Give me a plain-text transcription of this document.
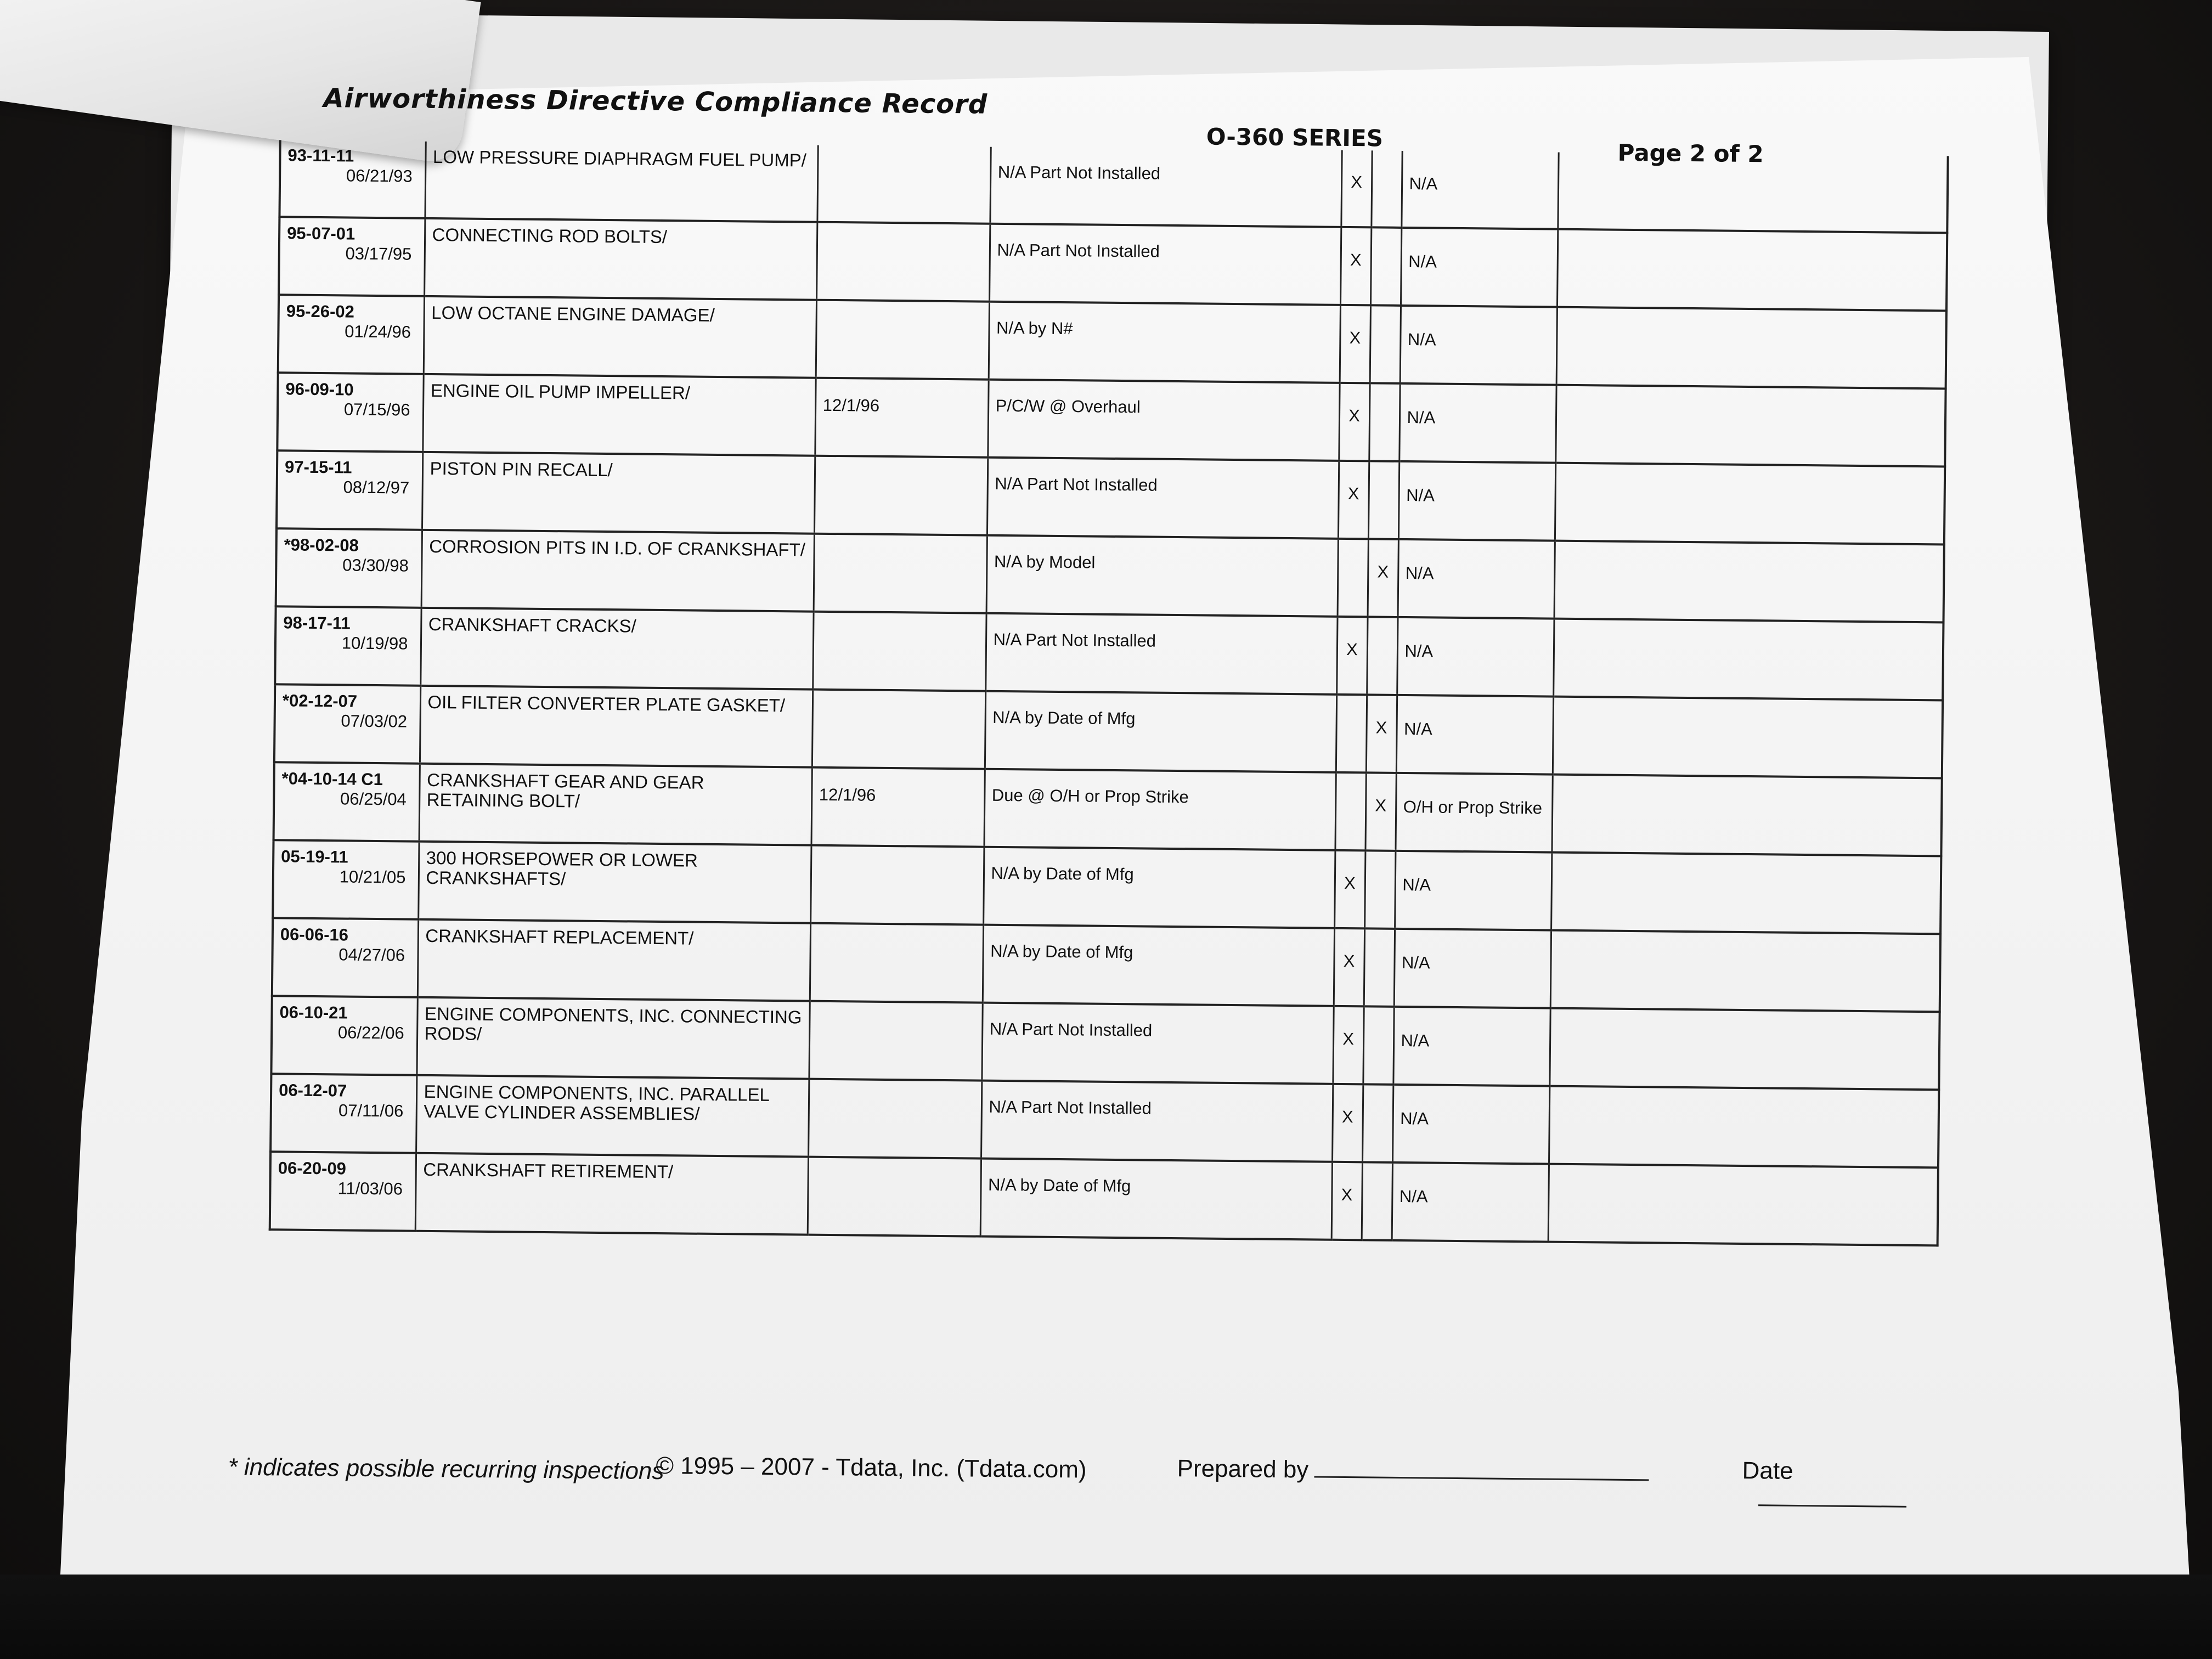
Airworthiness Directive Compliance Record
O-360 SERIES
Page 2 of 2
93-11-11
06/21/93	LOW PRESSURE DIAPHRAGM FUEL PUMP/		N/A Part Not Installed	X		N/A	

95-07-01
03/17/95	CONNECTING ROD BOLTS/		N/A Part Not Installed	X		N/A	

95-26-02
01/24/96	LOW OCTANE ENGINE DAMAGE/		N/A by N#	X		N/A	

96-09-10
07/15/96	ENGINE OIL PUMP IMPELLER/	12/1/96	P/C/W @ Overhaul	X		N/A	

97-15-11
08/12/97	PISTON PIN RECALL/		N/A Part Not Installed	X		N/A	

*98-02-08
03/30/98	CORROSION PITS IN I.D. OF CRANKSHAFT/		N/A by Model		X	N/A	

98-17-11
10/19/98	CRANKSHAFT CRACKS/		N/A Part Not Installed	X		N/A	

*02-12-07
07/03/02	OIL FILTER CONVERTER PLATE GASKET/		N/A by Date of Mfg		X	N/A	

*04-10-14 C1
06/25/04	CRANKSHAFT GEAR AND GEAR RETAINING BOLT/	12/1/96	Due @ O/H or Prop Strike		X	O/H or Prop Strike	

05-19-11
10/21/05	300 HORSEPOWER OR LOWER CRANKSHAFTS/		N/A by Date of Mfg	X		N/A	

06-06-16
04/27/06	CRANKSHAFT REPLACEMENT/		N/A by Date of Mfg	X		N/A	

06-10-21
06/22/06	ENGINE COMPONENTS, INC. CONNECTING RODS/		N/A Part Not Installed	X		N/A	

06-12-07
07/11/06	ENGINE COMPONENTS, INC. PARALLEL VALVE CYLINDER ASSEMBLIES/		N/A Part Not Installed	X		N/A	

06-20-09
11/03/06	CRANKSHAFT RETIREMENT/		N/A by Date of Mfg	X		N/A	
* indicates possible recurring inspections
© 1995 – 2007 - Tdata, Inc. (Tdata.com)	Prepared by	Date
